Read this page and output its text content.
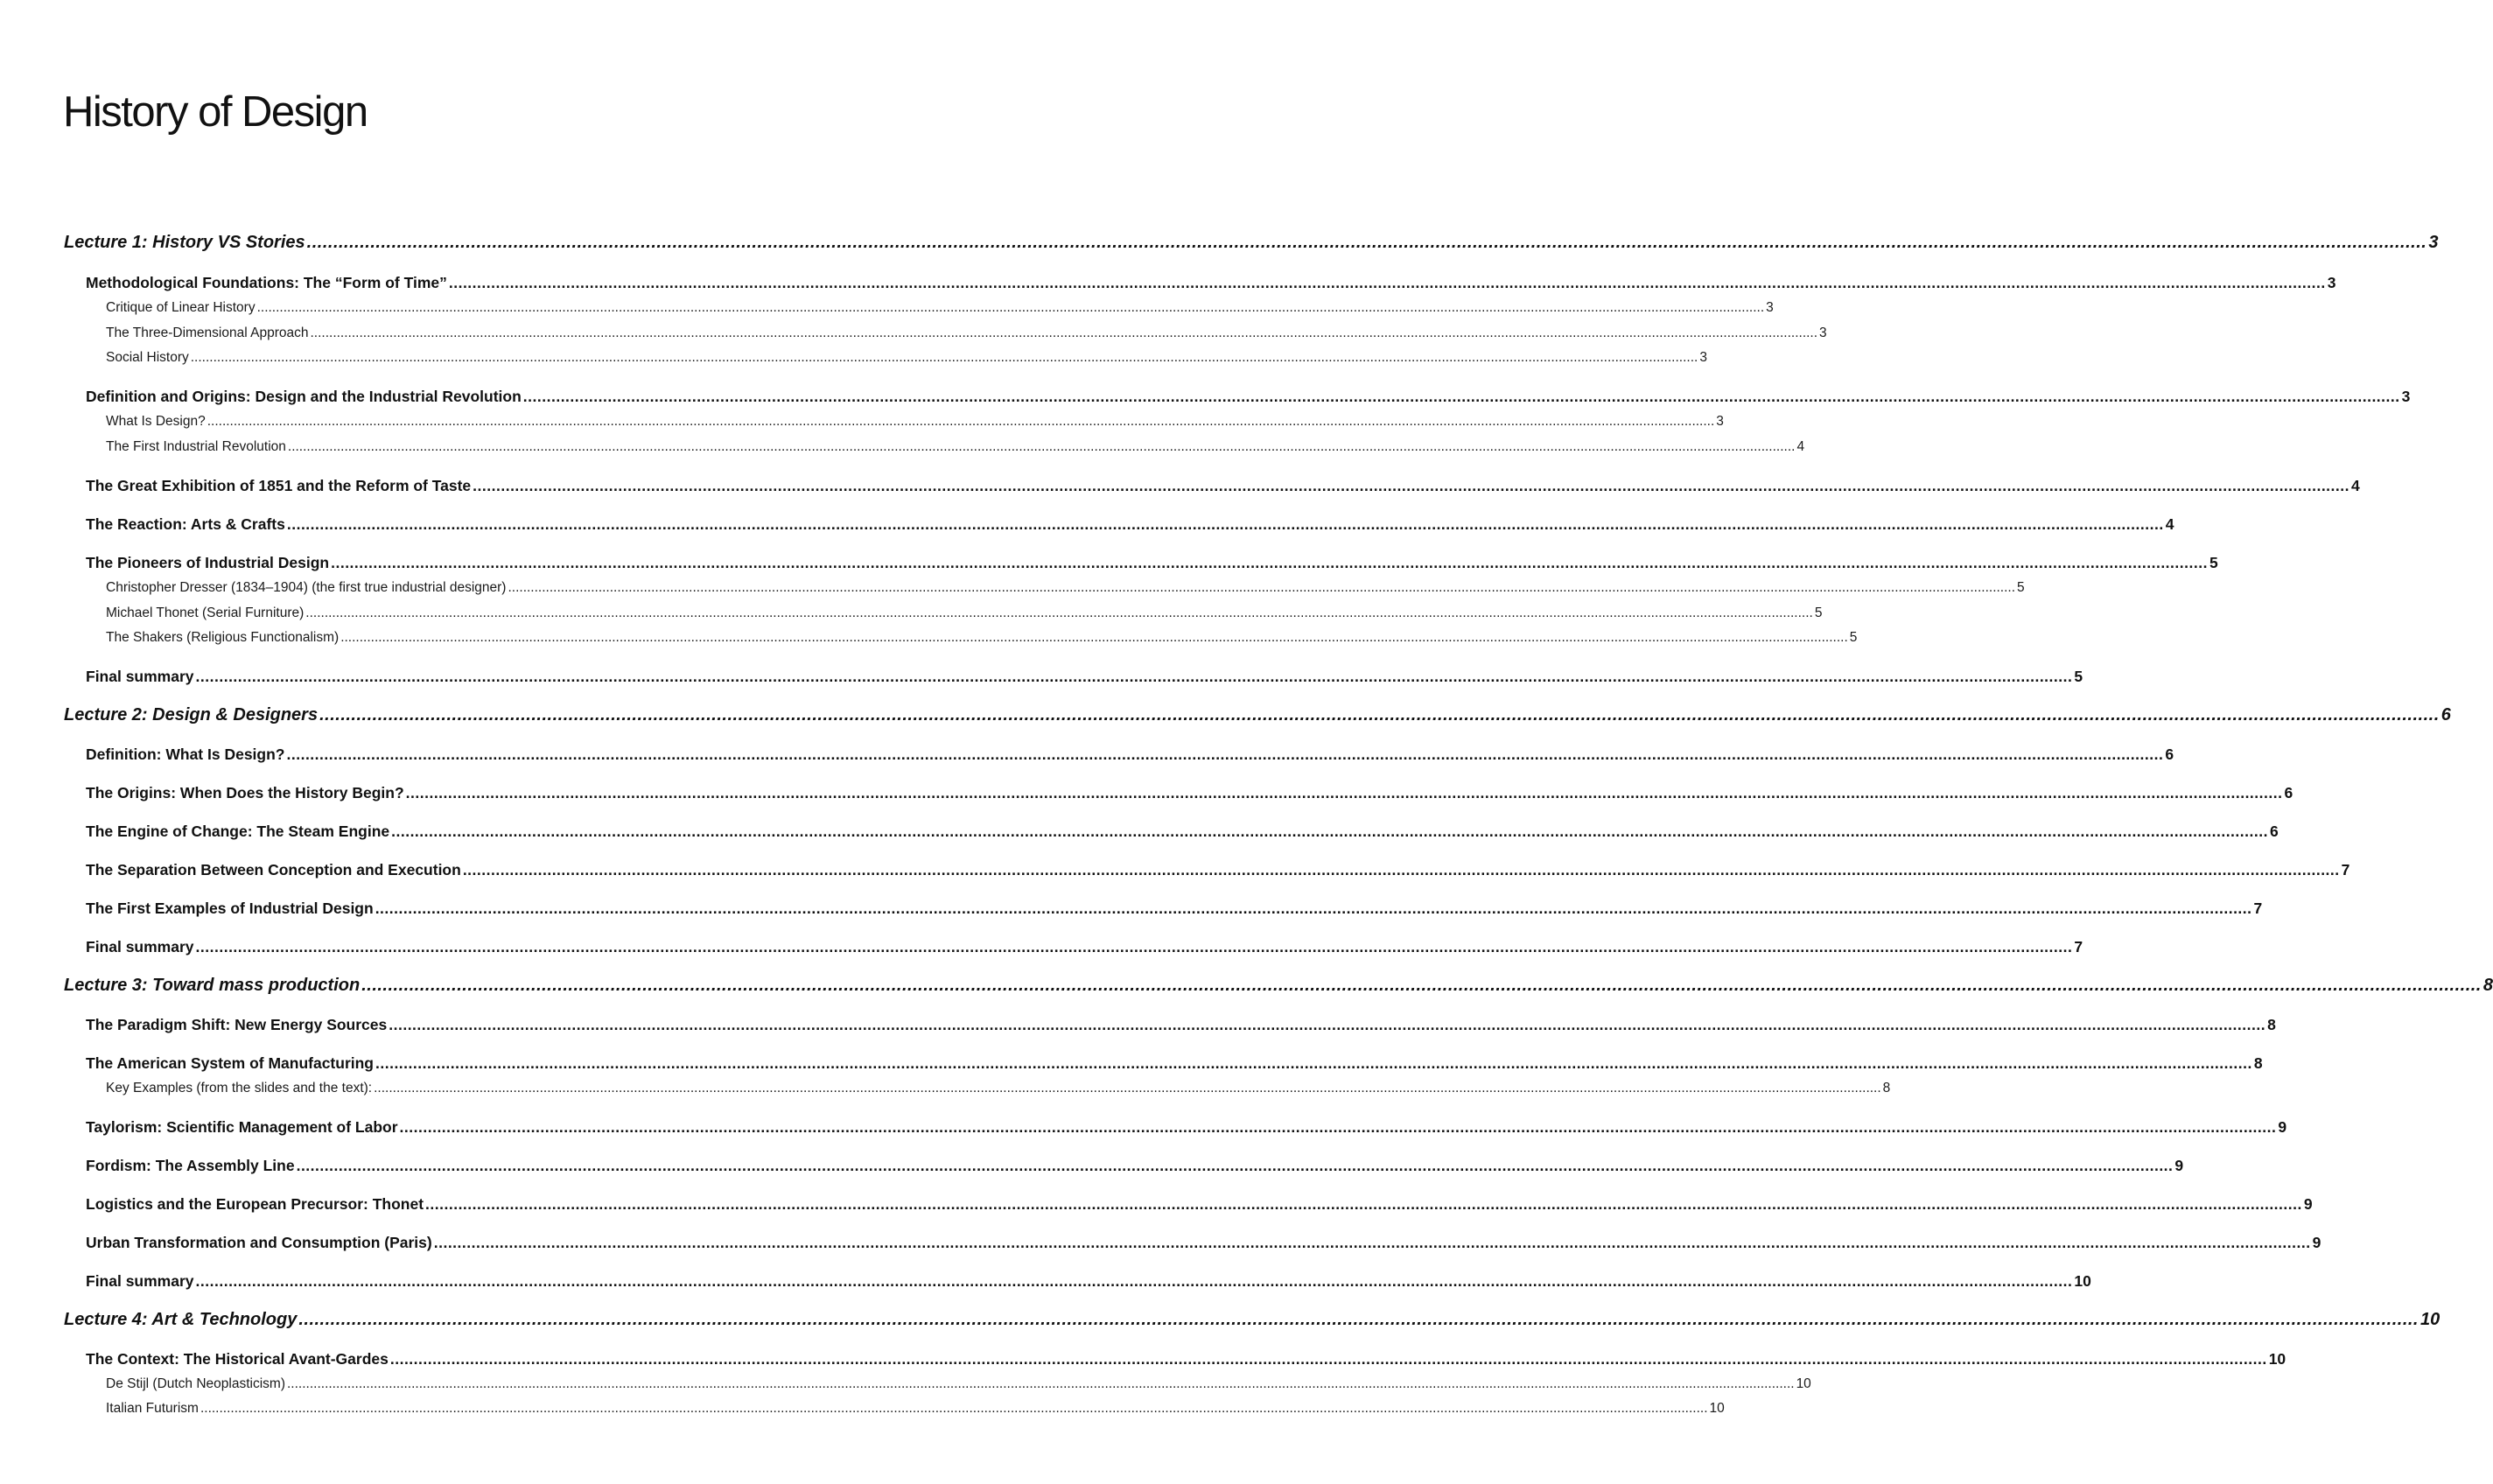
History of Design
Lecture 1: History VS Stories ................................................................................................................................................................................................................................................................................................................................................................................................................ 3
Methodological Foundations: The “Form of Time” ................................................................................................................................................................................................................................................................................................................................................................................................................ 3
Critique of Linear History ................................................................................................................................................................................................................................................................................................................................................................................................................ 3
The Three-Dimensional Approach ................................................................................................................................................................................................................................................................................................................................................................................................................ 3
Social History ................................................................................................................................................................................................................................................................................................................................................................................................................ 3
Definition and Origins: Design and the Industrial Revolution ................................................................................................................................................................................................................................................................................................................................................................................................................ 3
What Is Design? ................................................................................................................................................................................................................................................................................................................................................................................................................ 3
The First Industrial Revolution ................................................................................................................................................................................................................................................................................................................................................................................................................ 4
The Great Exhibition of 1851 and the Reform of Taste ................................................................................................................................................................................................................................................................................................................................................................................................................ 4
The Reaction: Arts & Crafts ................................................................................................................................................................................................................................................................................................................................................................................................................ 4
The Pioneers of Industrial Design ................................................................................................................................................................................................................................................................................................................................................................................................................ 5
Christopher Dresser (1834–1904) (the first true industrial designer) ................................................................................................................................................................................................................................................................................................................................................................................................................ 5
Michael Thonet (Serial Furniture) ................................................................................................................................................................................................................................................................................................................................................................................................................ 5
The Shakers (Religious Functionalism) ................................................................................................................................................................................................................................................................................................................................................................................................................ 5
Final summary ................................................................................................................................................................................................................................................................................................................................................................................................................ 5
Lecture 2: Design & Designers ................................................................................................................................................................................................................................................................................................................................................................................................................ 6
Definition: What Is Design? ................................................................................................................................................................................................................................................................................................................................................................................................................ 6
The Origins: When Does the History Begin? ................................................................................................................................................................................................................................................................................................................................................................................................................ 6
The Engine of Change: The Steam Engine ................................................................................................................................................................................................................................................................................................................................................................................................................ 6
The Separation Between Conception and Execution ................................................................................................................................................................................................................................................................................................................................................................................................................ 7
The First Examples of Industrial Design ................................................................................................................................................................................................................................................................................................................................................................................................................ 7
Final summary ................................................................................................................................................................................................................................................................................................................................................................................................................ 7
Lecture 3: Toward mass production ................................................................................................................................................................................................................................................................................................................................................................................................................ 8
The Paradigm Shift: New Energy Sources ................................................................................................................................................................................................................................................................................................................................................................................................................ 8
The American System of Manufacturing ................................................................................................................................................................................................................................................................................................................................................................................................................ 8
Key Examples (from the slides and the text): ................................................................................................................................................................................................................................................................................................................................................................................................................ 8
Taylorism: Scientific Management of Labor ................................................................................................................................................................................................................................................................................................................................................................................................................ 9
Fordism: The Assembly Line ................................................................................................................................................................................................................................................................................................................................................................................................................ 9
Logistics and the European Precursor: Thonet ................................................................................................................................................................................................................................................................................................................................................................................................................ 9
Urban Transformation and Consumption (Paris) ................................................................................................................................................................................................................................................................................................................................................................................................................ 9
Final summary ................................................................................................................................................................................................................................................................................................................................................................................................................ 10
Lecture 4: Art & Technology ................................................................................................................................................................................................................................................................................................................................................................................................................ 10
The Context: The Historical Avant-Gardes ................................................................................................................................................................................................................................................................................................................................................................................................................ 10
De Stijl (Dutch Neoplasticism) ................................................................................................................................................................................................................................................................................................................................................................................................................ 10
Italian Futurism ................................................................................................................................................................................................................................................................................................................................................................................................................ 10
